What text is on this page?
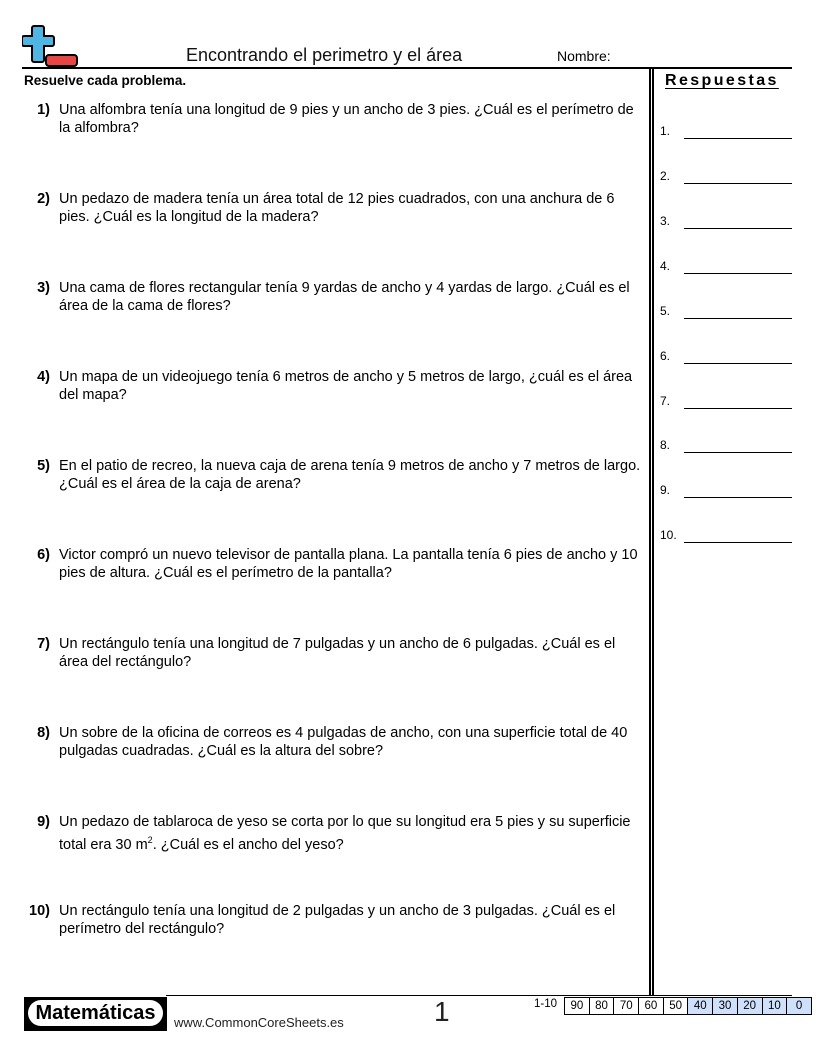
Encontrando el perimetro y el área	Nombre:
Resuelve cada problema.	Respuestas
1) Una alfombra tenía una longitud de 9 pies y un ancho de 3 pies. ¿Cuál es el perímetro de la alfombra?
2) Un pedazo de madera tenía un área total de 12 pies cuadrados, con una anchura de 6 pies. ¿Cuál es la longitud de la madera?
3) Una cama de flores rectangular tenía 9 yardas de ancho y 4 yardas de largo. ¿Cuál es el área de la cama de flores?
4) Un mapa de un videojuego tenía 6 metros de ancho y 5 metros de largo, ¿cuál es el área del mapa?
5) En el patio de recreo, la nueva caja de arena tenía 9 metros de ancho y 7 metros de largo. ¿Cuál es el área de la caja de arena?
6) Victor compró un nuevo televisor de pantalla plana. La pantalla tenía 6 pies de ancho y 10 pies de altura. ¿Cuál es el perímetro de la pantalla?
7) Un rectángulo tenía una longitud de 7 pulgadas y un ancho de 6 pulgadas. ¿Cuál es el área del rectángulo?
8) Un sobre de la oficina de correos es 4 pulgadas de ancho, con una superficie total de 40 pulgadas cuadradas. ¿Cuál es la altura del sobre?
9) Un pedazo de tablaroca de yeso se corta por lo que su longitud era 5 pies y su superficie total era 30 $m^2$. ¿Cuál es el ancho del yeso?
10) Un rectángulo tenía una longitud de 2 pulgadas y un ancho de 3 pulgadas. ¿Cuál es el perímetro del rectángulo?
1.
2.
3.
4.
5.
6.
7.
8.
9.
10.
Matemáticas	www.CommonCoreSheets.es	1	1-10	90	80	70	60	50	40	30	20	10	0
